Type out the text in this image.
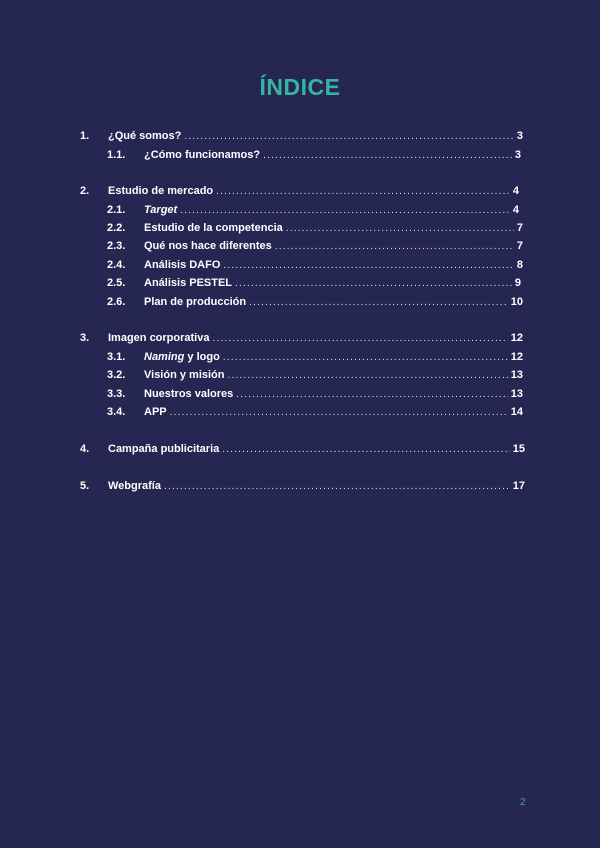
ÍNDICE
1.	¿Qué somos? .....	3
1.1.	¿Cómo funcionamos? .....	3
2.	Estudio de mercado .....	4
2.1.	Target .....	4
2.2.	Estudio de la competencia .....	7
2.3.	Qué nos hace diferentes .....	7
2.4.	Análisis DAFO .....	8
2.5.	Análisis PESTEL .....	9
2.6.	Plan de producción .....	10
3.	Imagen corporativa .....	12
3.1.	Naming y logo .....	12
3.2.	Visión y misión .....	13
3.3.	Nuestros valores .....	13
3.4.	APP .....	14
4.	Campaña publicitaria .....	15
5.	Webgrafía .....	17
2
